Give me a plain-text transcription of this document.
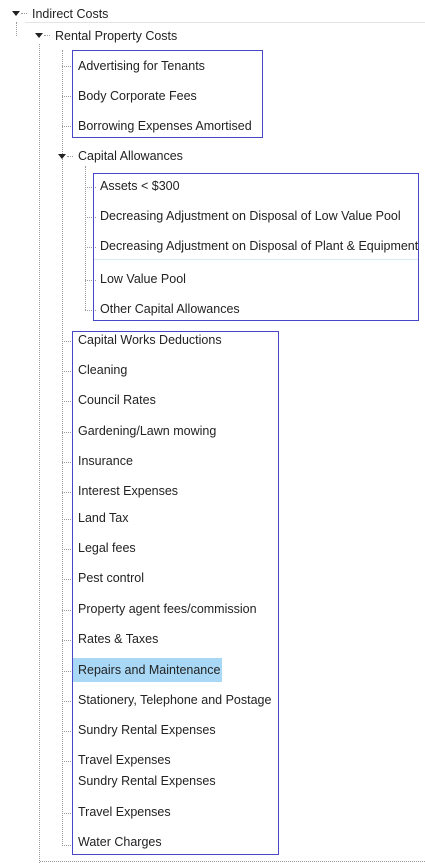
Indirect Costs
Rental Property Costs
Advertising for Tenants
Body Corporate Fees
Borrowing Expenses Amortised
Capital Allowances
Assets < $300
Decreasing Adjustment on Disposal of Low Value Pool
Decreasing Adjustment on Disposal of Plant & Equipment
Low Value Pool
Other Capital Allowances
Capital Works Deductions
Cleaning
Council Rates
Gardening/Lawn mowing
Insurance
Interest Expenses
Land Tax
Legal fees
Pest control
Property agent fees/commission
Rates & Taxes
Repairs and Maintenance
Stationery, Telephone and Postage
Sundry Rental Expenses
Travel Expenses
Sundry Rental Expenses
Travel Expenses
Water Charges
